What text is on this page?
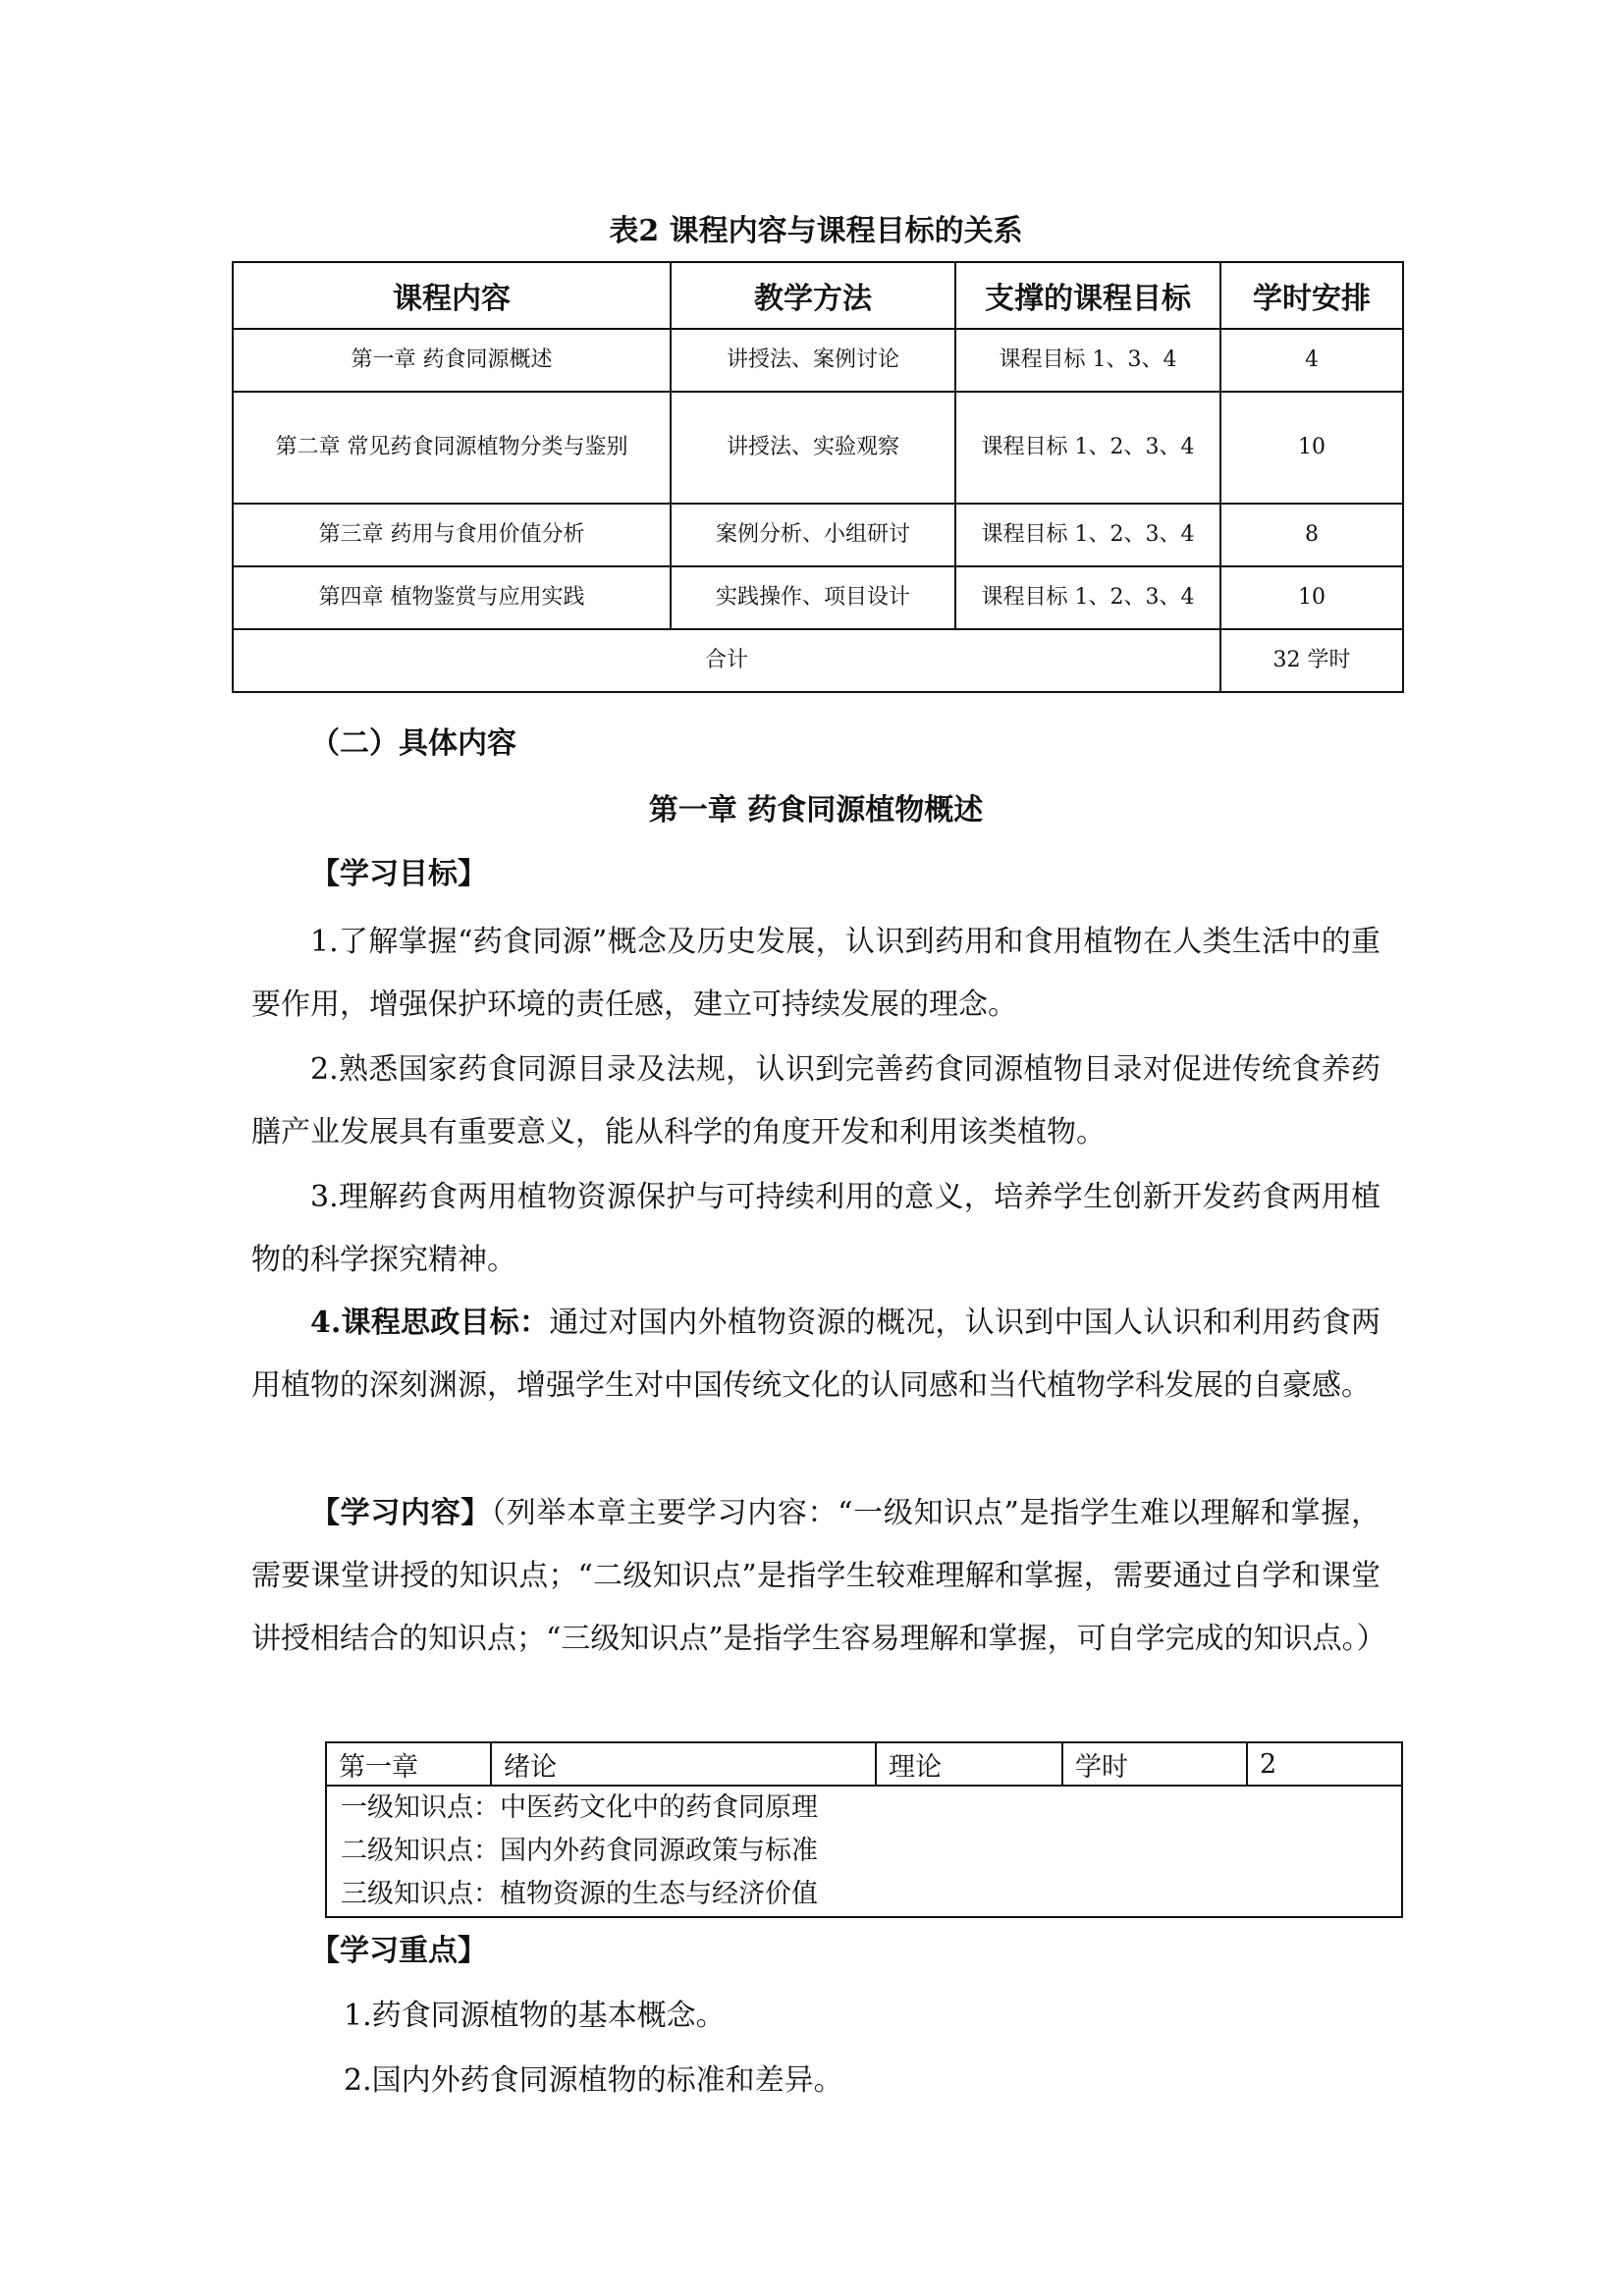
表2 课程内容与课程目标的关系
课程内容	教学方法	支撑的课程目标	学时安排
第一章 药食同源概述	讲授法、案例讨论	课程目标 1、3、4	4
第二章 常见药食同源植物分类与鉴别	讲授法、实验观察	课程目标 1、2、3、4	10
第三章 药用与食用价值分析	案例分析、小组研讨	课程目标 1、2、3、4	8
第四章 植物鉴赏与应用实践	实践操作、项目设计	课程目标 1、2、3、4	10
合计			32 学时
（二）具体内容
第一章 药食同源植物概述
【学习目标】
1.了解掌握“药食同源”概念及历史发展，认识到药用和食用植物在人类生活中的重要作用，增强保护环境的责任感，建立可持续发展的理念。
2.熟悉国家药食同源目录及法规，认识到完善药食同源植物目录对促进传统食养药膳产业发展具有重要意义，能从科学的角度开发和利用该类植物。
3.理解药食两用植物资源保护与可持续利用的意义，培养学生创新开发药食两用植物的科学探究精神。
4.课程思政目标：通过对国内外植物资源的概况，认识到中国人认识和利用药食两用植物的深刻渊源，增强学生对中国传统文化的认同感和当代植物学科发展的自豪感。
【学习内容】（列举本章主要学习内容：“一级知识点”是指学生难以理解和掌握，需要课堂讲授的知识点；“二级知识点”是指学生较难理解和掌握，需要通过自学和课堂讲授相结合的知识点；“三级知识点”是指学生容易理解和掌握，可自学完成的知识点。）
第一章	绪论	理论	学时	2

一级知识点：中医药文化中的药食同原理
二级知识点：国内外药食同源政策与标准
三级知识点：植物资源的生态与经济价值
【学习重点】
1.药食同源植物的基本概念。
2.国内外药食同源植物的标准和差异。
